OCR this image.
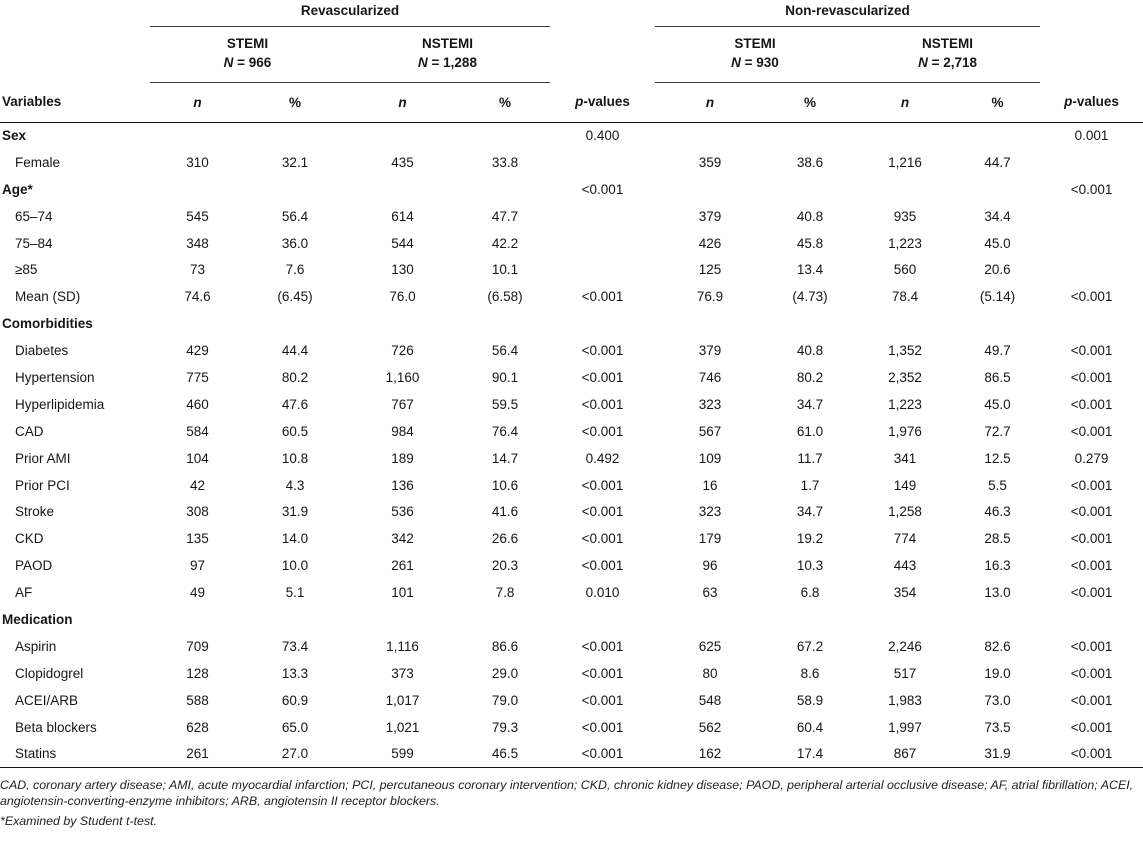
	Revascularized					Non-revascularized				
	STEMI		NSTEMI			STEMI		NSTEMI		
	N = 966		N = 1,288			N = 930		N = 2,718		
Variables	n	%	n	%	p-values	n	%	n	%	p-values
Sex					0.400					0.001
Female	310	32.1	435	33.8		359	38.6	1,216	44.7	
Age*					<0.001					<0.001
65–74	545	56.4	614	47.7		379	40.8	935	34.4	
75–84	348	36.0	544	42.2		426	45.8	1,223	45.0	
≥85	73	7.6	130	10.1		125	13.4	560	20.6	
Mean (SD)	74.6	(6.45)	76.0	(6.58)	<0.001	76.9	(4.73)	78.4	(5.14)	<0.001
Comorbidities										
Diabetes	429	44.4	726	56.4	<0.001	379	40.8	1,352	49.7	<0.001
Hypertension	775	80.2	1,160	90.1	<0.001	746	80.2	2,352	86.5	<0.001
Hyperlipidemia	460	47.6	767	59.5	<0.001	323	34.7	1,223	45.0	<0.001
CAD	584	60.5	984	76.4	<0.001	567	61.0	1,976	72.7	<0.001
Prior AMI	104	10.8	189	14.7	0.492	109	11.7	341	12.5	0.279
Prior PCI	42	4.3	136	10.6	<0.001	16	1.7	149	5.5	<0.001
Stroke	308	31.9	536	41.6	<0.001	323	34.7	1,258	46.3	<0.001
CKD	135	14.0	342	26.6	<0.001	179	19.2	774	28.5	<0.001
PAOD	97	10.0	261	20.3	<0.001	96	10.3	443	16.3	<0.001
AF	49	5.1	101	7.8	0.010	63	6.8	354	13.0	<0.001
Medication										
Aspirin	709	73.4	1,116	86.6	<0.001	625	67.2	2,246	82.6	<0.001
Clopidogrel	128	13.3	373	29.0	<0.001	80	8.6	517	19.0	<0.001
ACEI/ARB	588	60.9	1,017	79.0	<0.001	548	58.9	1,983	73.0	<0.001
Beta blockers	628	65.0	1,021	79.3	<0.001	562	60.4	1,997	73.5	<0.001
Statins	261	27.0	599	46.5	<0.001	162	17.4	867	31.9	<0.001

CAD, coronary artery disease; AMI, acute myocardial infarction; PCI, percutaneous coronary intervention; CKD, chronic kidney disease; PAOD, peripheral arterial occlusive disease; AF, atrial fibrillation; ACEI, angiotensin-converting-enzyme inhibitors; ARB, angiotensin II receptor blockers.

*Examined by Student t-test.
